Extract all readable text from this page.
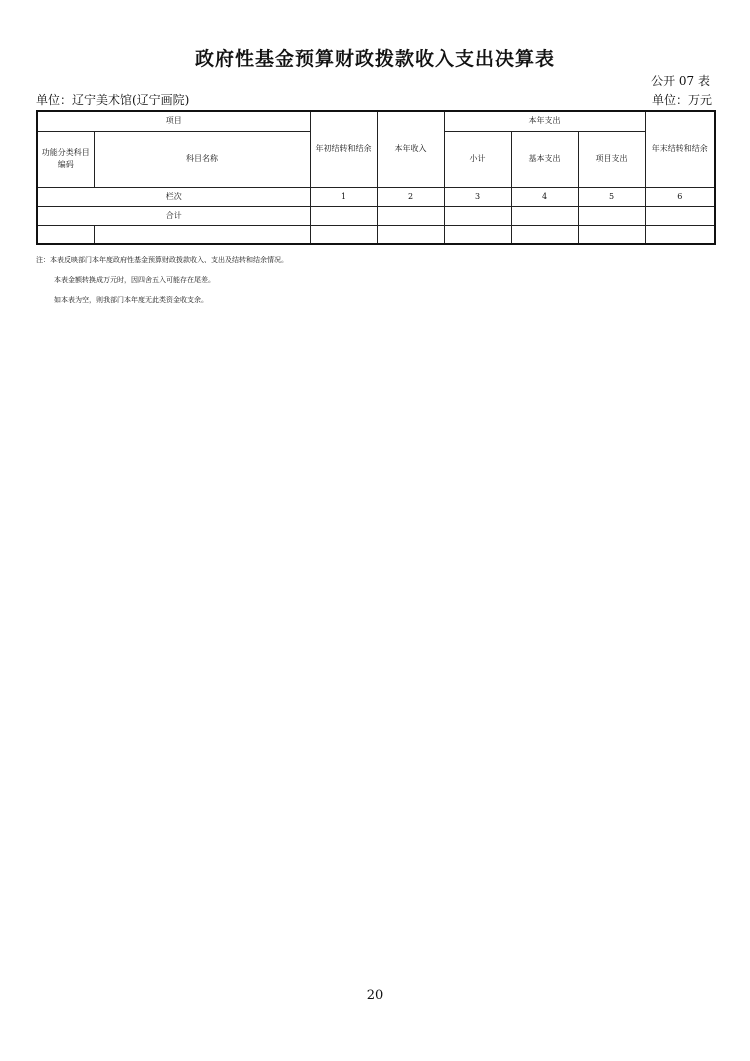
政府性基金预算财政拨款收入支出决算表
公开 07 表
单位：辽宁美术馆(辽宁画院)	单位：万元
项目		年初结转和结余	本年收入	本年支出			年末结转和结余
功能分类科目编码	科目名称			小计	基本支出	项目支出	
栏次		1	2	3	4	5	6
合计							

注：本表反映部门本年度政府性基金预算财政拨款收入、支出及结转和结余情况。
本表金额转换成万元时，因四舍五入可能存在尾差。
如本表为空，则我部门本年度无此类资金收支余。
20
